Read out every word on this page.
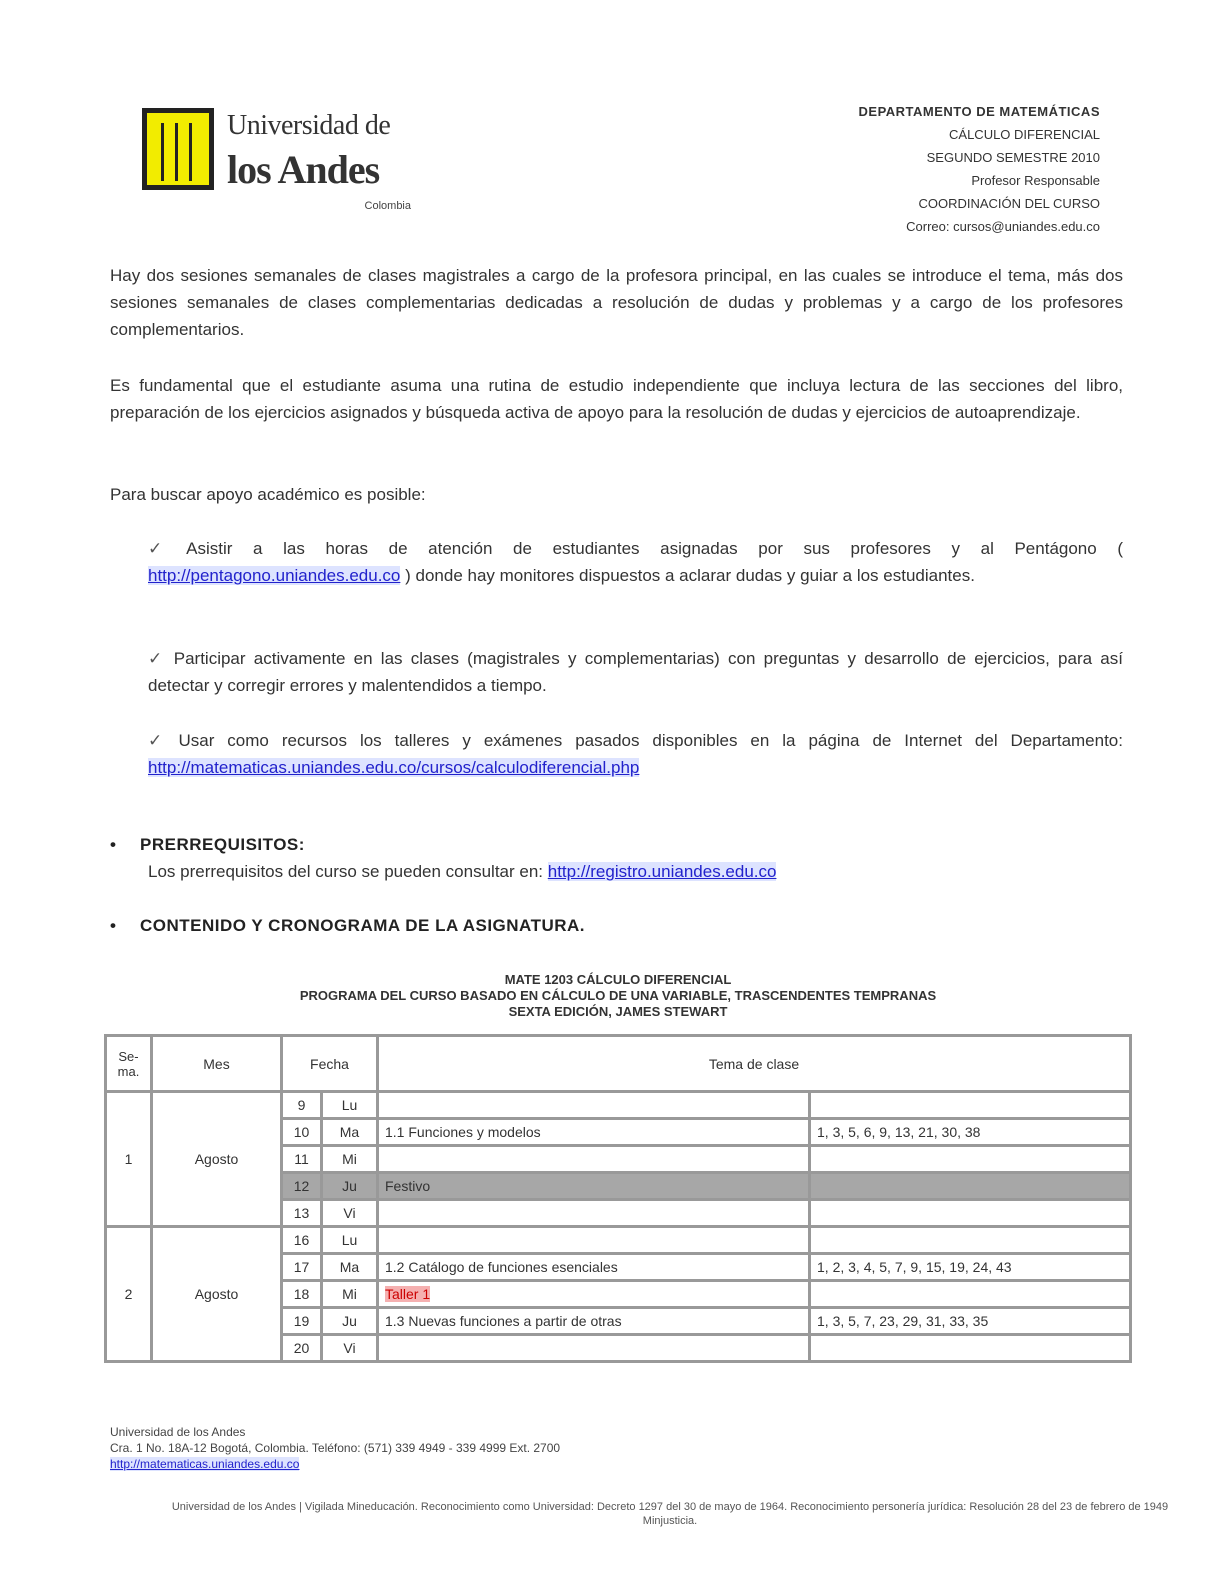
Universidad de
los Andes
Colombia
DEPARTAMENTO DE MATEMÁTICAS
CÁLCULO DIFERENCIAL
SEGUNDO SEMESTRE 2010
Profesor Responsable
COORDINACIÓN DEL CURSO
Correo: cursos@uniandes.edu.co
Hay dos sesiones semanales de clases magistrales a cargo de la profesora principal, en las cuales se introduce el tema, más dos sesiones semanales de clases complementarias dedicadas a resolución de dudas y problemas y a cargo de los profesores complementarios.
Es fundamental que el estudiante asuma una rutina de estudio independiente que incluya lectura de las secciones del libro, preparación de los ejercicios asignados y búsqueda activa de apoyo para la resolución de dudas y ejercicios de autoaprendizaje.
Para buscar apoyo académico es posible:
✓ Asistir a las horas de atención de estudiantes asignadas por sus profesores y al Pentágono ( http://pentagono.uniandes.edu.co ) donde hay monitores dispuestos a aclarar dudas y guiar a los estudiantes.
✓ Participar activamente en las clases (magistrales y complementarias) con preguntas y desarrollo de ejercicios, para así detectar y corregir errores y malentendidos a tiempo.
✓ Usar como recursos los talleres y exámenes pasados disponibles en la página de Internet del Departamento: http://matematicas.uniandes.edu.co/cursos/calculodiferencial.php
• PRERREQUISITOS:
Los prerrequisitos del curso se pueden consultar en: http://registro.uniandes.edu.co
• CONTENIDO Y CRONOGRAMA DE LA ASIGNATURA.
MATE 1203 CÁLCULO DIFERENCIAL
PROGRAMA DEL CURSO BASADO EN CÁLCULO DE UNA VARIABLE, TRASCENDENTES TEMPRANAS
SEXTA EDICIÓN, JAMES STEWART
Se-
ma.	Mes	Fecha		Tema de clase	
1	Agosto	9	Lu		
		10	Ma	1.1 Funciones y modelos	1, 3, 5, 6, 9, 13, 21, 30, 38
		11	Mi		
		12	Ju	Festivo	
		13	Vi		
2	Agosto	16	Lu		
		17	Ma	1.2 Catálogo de funciones esenciales	1, 2, 3, 4, 5, 7, 9, 15, 19, 24, 43
		18	Mi	Taller 1	
		19	Ju	1.3 Nuevas funciones a partir de otras	1, 3, 5, 7, 23, 29, 31, 33, 35
		20	Vi		
Universidad de los Andes
Cra. 1 No. 18A-12 Bogotá, Colombia. Teléfono: (571) 339 4949 - 339 4999 Ext. 2700
http://matematicas.uniandes.edu.co
Universidad de los Andes | Vigilada Mineducación. Reconocimiento como Universidad: Decreto 1297 del 30 de mayo de 1964. Reconocimiento personería jurídica: Resolución 28 del 23 de febrero de 1949 Minjusticia.
